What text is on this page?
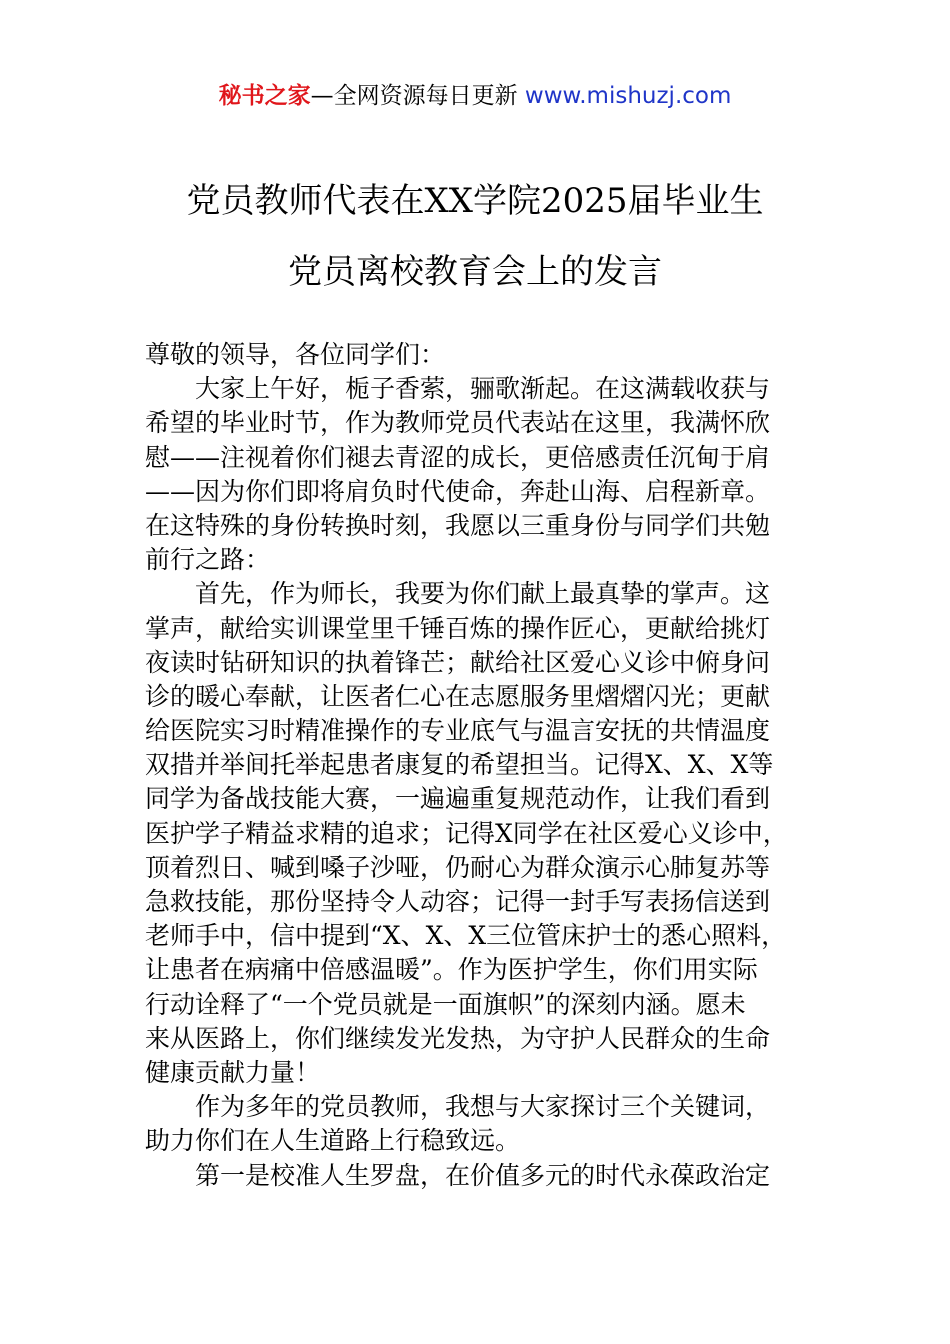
秘书之家—全网资源每日更新 www.mishuzj.com
党员教师代表在XX学院2025届毕业生
党员离校教育会上的发言
尊敬的领导，各位同学们：
大家上午好，栀子香萦，骊歌渐起。在这满载收获与
希望的毕业时节，作为教师党员代表站在这里，我满怀欣
慰——注视着你们褪去青涩的成长，更倍感责任沉甸于肩
——因为你们即将肩负时代使命，奔赴山海、启程新章。
在这特殊的身份转换时刻，我愿以三重身份与同学们共勉
前行之路：
首先，作为师长，我要为你们献上最真挚的掌声。这
掌声，献给实训课堂里千锤百炼的操作匠心，更献给挑灯
夜读时钻研知识的执着锋芒；献给社区爱心义诊中俯身问
诊的暖心奉献，让医者仁心在志愿服务里熠熠闪光；更献
给医院实习时精准操作的专业底气与温言安抚的共情温度
双措并举间托举起患者康复的希望担当。记得X、X、X等
同学为备战技能大赛，一遍遍重复规范动作，让我们看到
医护学子精益求精的追求；记得X同学在社区爱心义诊中，
顶着烈日、喊到嗓子沙哑，仍耐心为群众演示心肺复苏等
急救技能，那份坚持令人动容；记得一封手写表扬信送到
老师手中，信中提到“X、X、X三位管床护士的悉心照料，
让患者在病痛中倍感温暖”。作为医护学生，你们用实际
行动诠释了“一个党员就是一面旗帜”的深刻内涵。愿未
来从医路上，你们继续发光发热，为守护人民群众的生命
健康贡献力量！
作为多年的党员教师，我想与大家探讨三个关键词，
助力你们在人生道路上行稳致远。
第一是校准人生罗盘，在价值多元的时代永葆政治定
